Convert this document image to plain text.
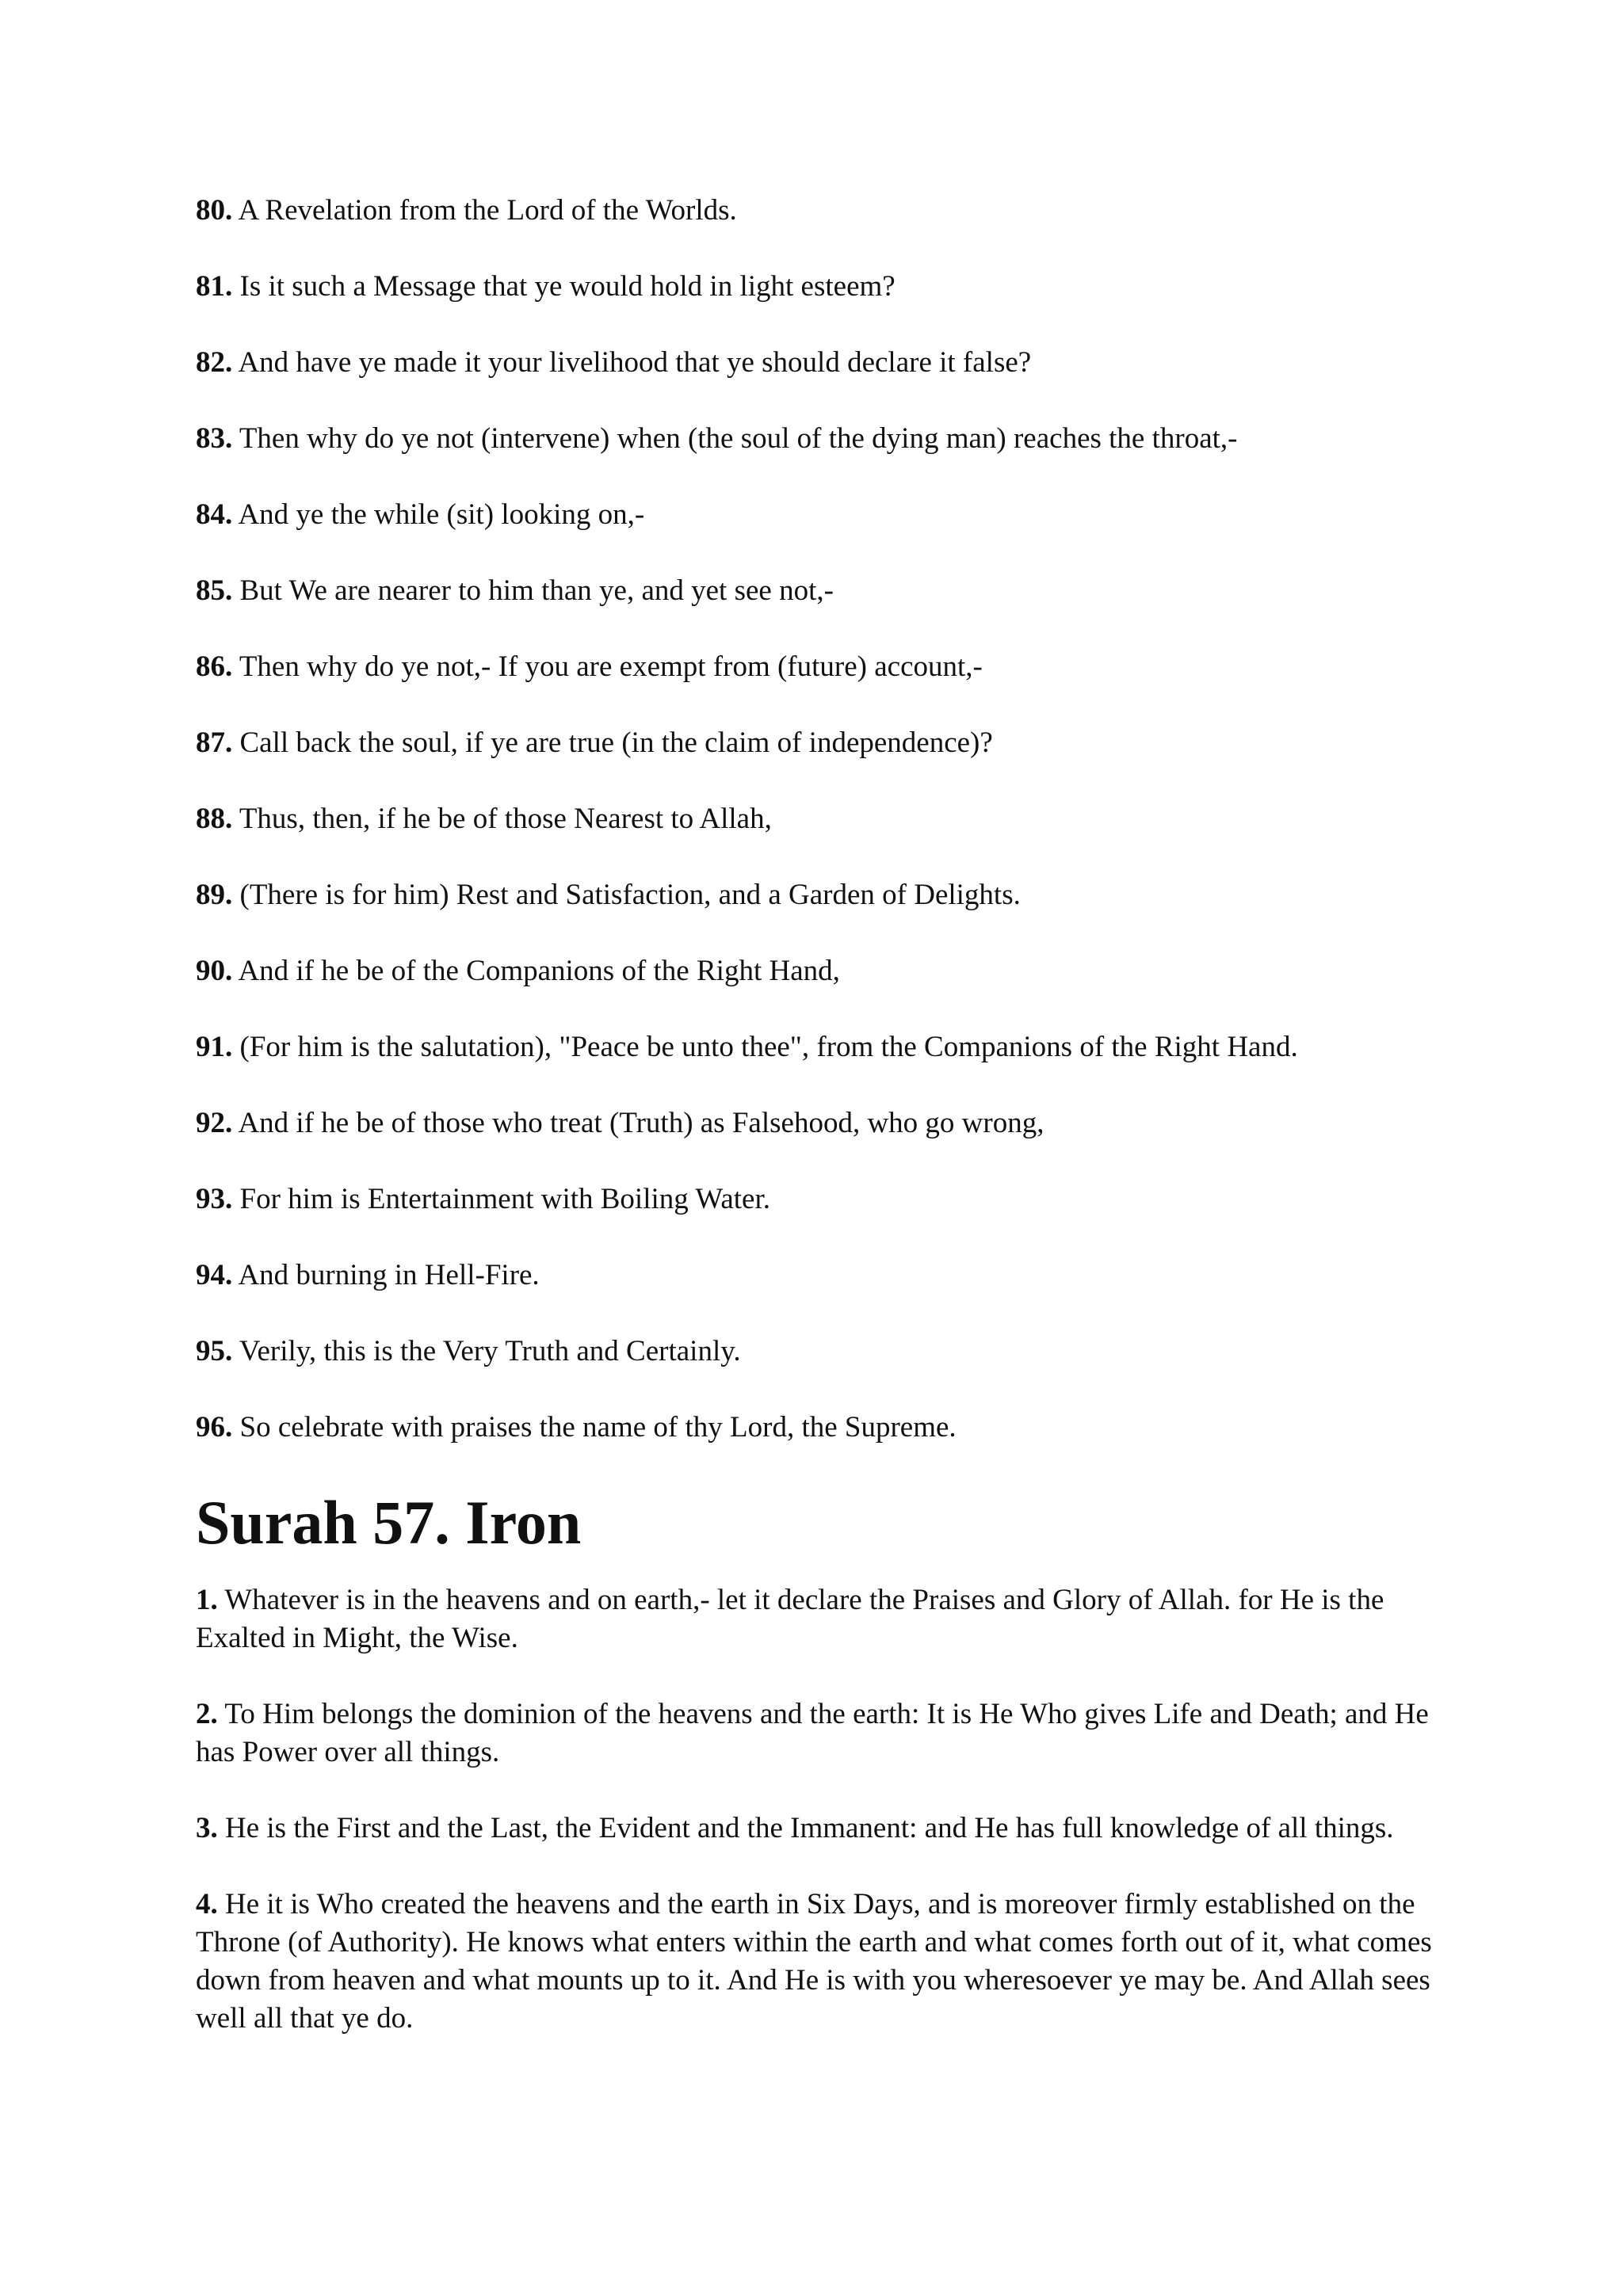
80. A Revelation from the Lord of the Worlds.

81. Is it such a Message that ye would hold in light esteem?

82. And have ye made it your livelihood that ye should declare it false?

83. Then why do ye not (intervene) when (the soul of the dying man) reaches the throat,-

84. And ye the while (sit) looking on,-

85. But We are nearer to him than ye, and yet see not,-

86. Then why do ye not,- If you are exempt from (future) account,-

87. Call back the soul, if ye are true (in the claim of independence)?

88. Thus, then, if he be of those Nearest to Allah,

89. (There is for him) Rest and Satisfaction, and a Garden of Delights.

90. And if he be of the Companions of the Right Hand,

91. (For him is the salutation), "Peace be unto thee", from the Companions of the Right Hand.

92. And if he be of those who treat (Truth) as Falsehood, who go wrong,

93. For him is Entertainment with Boiling Water.

94. And burning in Hell-Fire.

95. Verily, this is the Very Truth and Certainly.

96. So celebrate with praises the name of thy Lord, the Supreme.

Surah 57. Iron

1. Whatever is in the heavens and on earth,- let it declare the Praises and Glory of Allah. for He is the Exalted in Might, the Wise.

2. To Him belongs the dominion of the heavens and the earth: It is He Who gives Life and Death; and He has Power over all things.

3. He is the First and the Last, the Evident and the Immanent: and He has full knowledge of all things.

4. He it is Who created the heavens and the earth in Six Days, and is moreover firmly established on the Throne (of Authority). He knows what enters within the earth and what comes forth out of it, what comes down from heaven and what mounts up to it. And He is with you wheresoever ye may be. And Allah sees well all that ye do.
